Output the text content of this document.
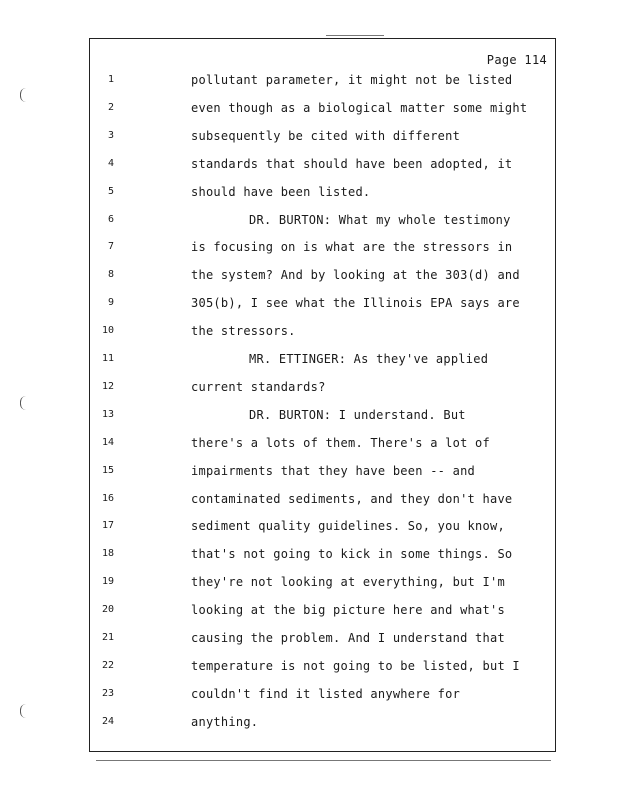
Page 114
1	pollutant parameter, it might not be listed
2	even though as a biological matter some might
3	subsequently be cited with different
4	standards that should have been adopted, it
5	should have been listed.
6	DR. BURTON: What my whole testimony
7	is focusing on is what are the stressors in
8	the system? And by looking at the 303(d) and
9	305(b), I see what the Illinois EPA says are
10	the stressors.
11	MR. ETTINGER: As they've applied
12	current standards?
13	DR. BURTON: I understand. But
14	there's a lots of them. There's a lot of
15	impairments that they have been -- and
16	contaminated sediments, and they don't have
17	sediment quality guidelines. So, you know,
18	that's not going to kick in some things. So
19	they're not looking at everything, but I'm
20	looking at the big picture here and what's
21	causing the problem. And I understand that
22	temperature is not going to be listed, but I
23	couldn't find it listed anywhere for
24	anything.
